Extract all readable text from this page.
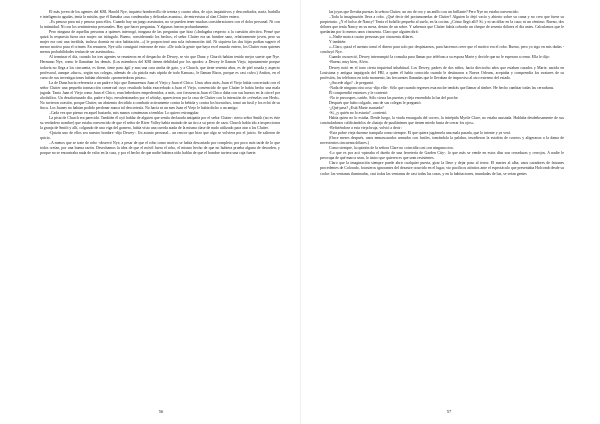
El más joven de los agentes del KBI, Harold Nye, inquieto hombrecillo de treinta y cuatro años, de ojos inquisitivos y desconfiados, nariz, barbilla e inteligencia agudas, tenía la misión, que él llamaba «sus condenadas y delicadas asuntos», de entrevistar al clan Clutter entero.

–Es penoso para mí y penoso para ellos. Cuando hay un juego asesinatos, no se pueden tener muchas consideraciones con el dolor personal. Ni con la intimidad. Ni con los sentimientos personales. Hay que hacer preguntas. Y algunas fueron profundamente.

Pero ninguna de aquellas personas a quienes interrogó, ninguna de las preguntas que hizo («Indagaba respecto a la cuestión afectiva. Pensé que quizá la respuesta fuera otra mujer: un triángulo. Bueno, considerando los hechos, el señor Clutter era un hombre sano, relativamente joven, pero su mujer era casi una inválida, incluso dormía en otra habitación...») le proporcionó una sola información útil. Ni siquiera las dos hijas podían sugerir el menor motivo para el crimen. En resumen, Nye sólo consiguió enterarse de esto: «De toda la gente que haya en el mundo entero, los Clutter eran quienes menos probabilidades tenían de ser asesinados».

Al terminar el día, cuando los tres agentes se reunieron en el despacho de Dewey, se vio que Dunz y Church habían tenido mejor suerte que Nye. Hermano Nye, como le llamaban los demás. (Los miembros del KBI tienen debilidad por los apodos: a Dewey le llaman Viejo, injustamente porque todavía no llega a los cincuenta, es firme, tiene paso ágil y aun una cara ancha de gato, y a Church, que tiene sesenta años, es de piel rosada y aspecto profesoral, aunque «duro», según sus colegas, además de «la pistola más rápida de todo Kansas», le llaman Rizos, porque es casi calvo.) Ambos, en el curso de sus investigaciones habían obtenido «prometedoras pistas».

La de Dunz hacía referencia a un padre e hijo que llamaremos Juan el Viejo y Juan el Chico. Unos años atrás, Juan el Viejo había concertado con el señor Clutter una pequeña transacción comercial cuyo resultado había exacerbado a Juan el Viejo, convencido de que Clutter le había hecho una mala jugada. Tanto Juan el Viejo como Juan el Chico, eran bebedores empedernidos; a más, con frecuencia Juan el Chico daba con sus huesos en la cárcel por alcohólico. Un desafortunado día, padre e hijo, envalentonados por el whisky, aparecieron por la casa de Clutter con la intención de «vérselas con Herb». No tuvieron ocasión, porque Clutter, un abstemio decidido a combatir activamente contra la bebida y contra los borrachos, tomó un fusil y los echó de su finca. Los Juanes no habían podido perdonar nunca tal descortesía. No hacía ni un mes Juan el Viejo le había dicho a un amigo:

–Cada vez que pienso en aquel bastardo, mis manos comienzan a temblar. Lo quiero estrangular.

La pista de Church era parecida. También él oyó hablar de alguien que sentía declarada antipatía por el señor Clutter: cierto señor Smith (no es éste su verdadero nombre) que estaba convencido de que el señor de River Valley había matado de un tiro a su perro de caza. Church había ido a inspeccionar la granja de Smith y allí, colgando de una viga del granero, había visto una cuerda atada de la misma clase de nudo utilizado para atar a los Clutter.

-Quizás uno de ellos sea nuestro hombre -dijo Dewey-. Un asunto personal... un rencor que hizo que algo se volviera por el juicio. Se salieron de quicio.

–A menos que se trate de robo -observó Nye, a pesar de que el robo como motivo se había descartado por completo; por poco más tarde de lo que todos creían, por una buena razón. Desechamos la idea de que el móvil fuera el robo, el mismo hecho de que no hubiera prueba alguna de desorden, y porque no se encontraba nada de valor en la casa, y por el hecho de que nadie hubiera oído hablar de que el hombre tuviera una caja fuerte.

56

las joyas que llevaba puestas la señora Clutter, un aro de oro y un anillo con un brillante? Pero Nye no estaba convencido:

–Toda la imaginación lleva a robo. ¿Qué decir del portamonedas de Clutter? Alguien lo dejó vacío y abierto sobre su cama y no creo que fuese su propietario. ¿Y el bolso de Nancy? Tenía el bolsillo pequeño al suelo, en la cocina. ¿Cómo llegó allí? Sí, y ni un dólar en la casa; ni un céntimo. Bueno, dos dólares que tenía Nancy en su mesa, dentro de un sobre. Y sabemos que Clutter había cobrado un cheque de sesenta dólares el día antes. Calculamos que le quedarían por lo menos unos cincuenta. Claro que alguien dirá:

«–Nadie mata a cuatro personas por cincuenta dólares.

Y también:

«–Claro, quizá el asesino tomó el dinero para solo por despistarnos, para hacernos creer que el motivo era el robo. Bueno, pero yo sigo en mis dudas -concluyó Nye.

Cuando oscureció, Dewey interrumpió la consulta para llamar por teléfono a su esposa Marie y decirle que no le esperara a cenar. Ella le dijo:

-Bueno, muy bien, Alvin.

Dewey notó en el tono cierta inquietud inhabitual. Los Dewey, padres de dos niños, hacía dieciocho años que estaban casados y Marie, nacida en Louisiana y antigua taquígrafa del FBI, a quien él había conocido cuando le destinaron a Nueva Orleans, aceptaba y comprendía los avatares de su profesión, los teléfonos en todo momento, las frecuentes llamadas que le llevaban de improviso al otro extremo del estado.

-¿Sucede algo? –le preguntó.

-Nada de ninguna otra cosa -dijo ella-. Sólo que cuando regreses esta noche tendrás que llamar al timbre. He hecho cambiar todas las cerraduras.

Él comprendió entonces y le contestó:

-No te preocupes, cariño. Sólo cierra las puertas y deja encendida la luz del porche.

Después que hubo colgado, uno de sus colegas le preguntó:

-¿Qué pasa? ¿Está Marie asustada?

-Sí, ¿y quién no lo estaría? –contestó.

Había quien no lo estaba. Desde luego, la viuda encargada del correo, la intrépida Myrtle Clare, no estaba asustada. Hablaba desdeñosamente de sus conciudadanos calificándolos de «hatajo de pusilánimes que tienen miedo hasta de cerrar los ojos».

-Refiriéndose a esta vieja bruja, volvió a decir:

-Esta pobre vieja duerme tranquila como siempre. El que quiera jugármela una mala pasada, que lo intente y ya verá.

(Once meses después, unos enmascarados armados con fusiles, tomándola la palabra, invadieron la estafeta de correos y aligeraron a la dama de novecientos cincuenta dólares.)

Como siempre, la opinión de la señora Clare no coincidía casi con ninguna otra.

-Lo que es por acá -opinaba el dueño de una ferretería de Garden City-, lo que más se vende en estos días son cerraduras y cerrojos. A nadie le preocupa de qué marca sean, lo único que quieren es que sean resistentes.

Claro que la imaginación siempre puede abrir cualquier puerta, girar la llave y dejar paso al terror. El martes al alba, unos cazadores de faisanes procedentes de Colorado, forasteros ignorantes del desastre ocurrido en el lugar, vio pacíficos atónitos ante el espectáculo que presentaba Holcomb desde su coche: las ventanas iluminadas, casi todas las ventanas de casi todas las casas, y en la habitaciones, inundadas de luz, se veían gentes

57
